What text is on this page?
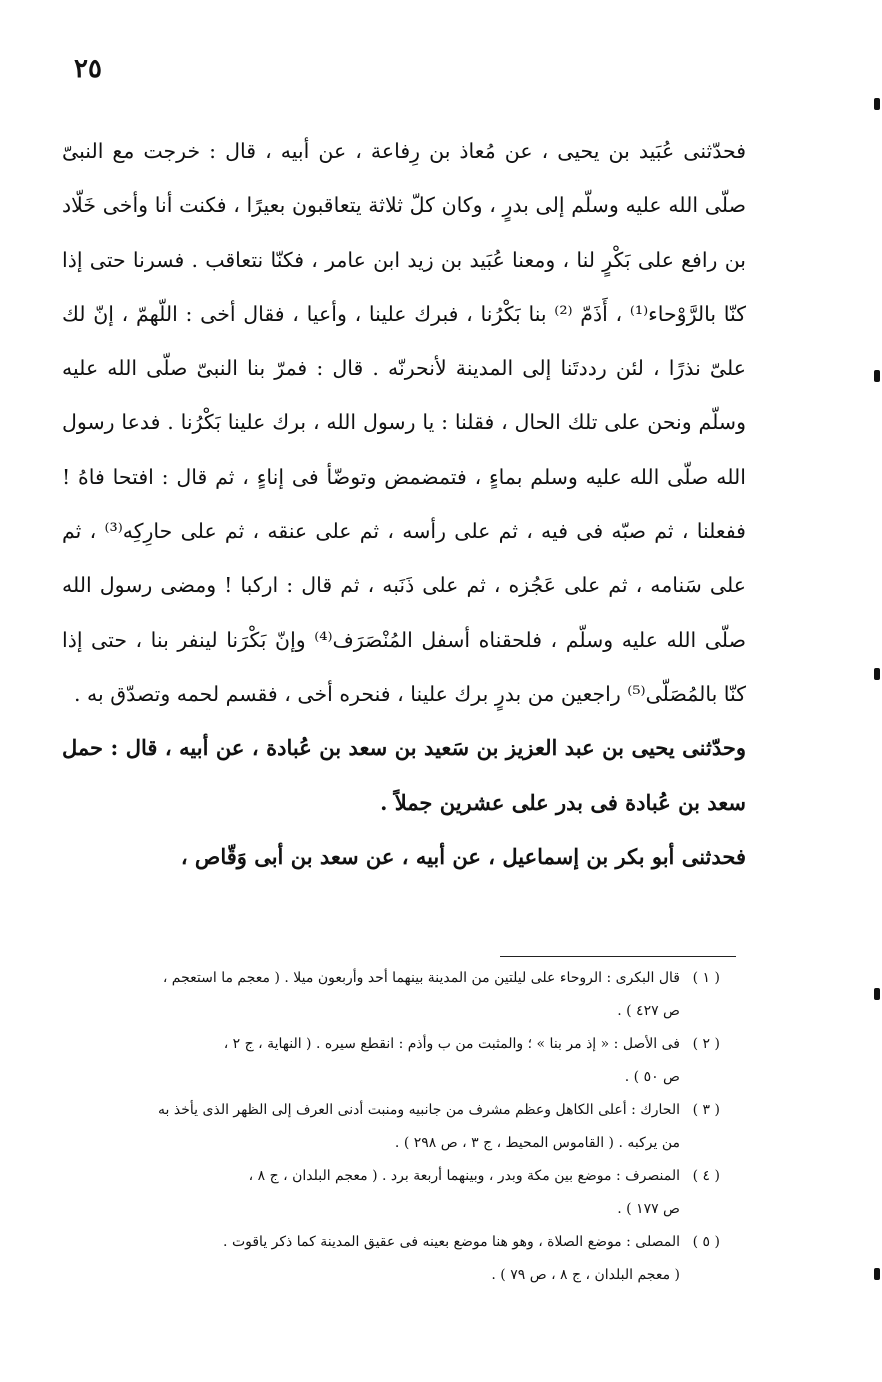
٢٥

فحدّثنى عُبَيد بن يحيى ، عن مُعاذ بن رِفاعة ، عن أبيه ، قال : خرجت مع النبىّ صلّى الله عليه وسلّم إلى بدرٍ ، وكان كلّ ثلاثة يتعاقبون بعيرًا ، فكنت أنا وأخى خَلّاد بن رافع على بَكْرٍ لنا ، ومعنا عُبَيد بن زيد ابن عامر ، فكنّا نتعاقب . فسرنا حتى إذا كنّا بالرَّوْحاء⁽¹⁾ ، أَذَمّ ⁽²⁾ بنا بَكْرُنا ، فبرك علينا ، وأعيا ، فقال أخى : اللّهمّ ، إنّ لك علىّ نذرًا ، لئن رددتَنا إلى المدينة لأنحرنّه . قال : فمرّ بنا النبىّ صلّى الله عليه وسلّم ونحن على تلك الحال ، فقلنا : يا رسول الله ، برك علينا بَكْرُنا . فدعا رسول الله صلّى الله عليه وسلم بماءٍ ، فتمضمض وتوضّأ فى إناءٍ ، ثم قال : افتحا فاهُ ! ففعلنا ، ثم صبّه فى فيه ، ثم على رأسه ، ثم على عنقه ، ثم على حارِكِه⁽³⁾ ، ثم على سَنامه ، ثم على عَجُزه ، ثم على ذَنَبه ، ثم قال : اركبا ! ومضى رسول الله صلّى الله عليه وسلّم ، فلحقناه أسفل المُنْصَرَف⁽⁴⁾ وإنّ بَكْرَنا لينفر بنا ، حتى إذا كنّا بالمُصَلّى⁽⁵⁾ راجعين من بدرٍ برك علينا ، فنحره أخى ، فقسم لحمه وتصدّق به .

وحدّثنى يحيى بن عبد العزيز بن سَعيد بن سعد بن عُبادة ، عن أبيه ، قال : حمل سعد بن عُبادة فى بدر على عشرين جملاً .

فحدثنى أبو بكر بن إسماعيل ، عن أبيه ، عن سعد بن أبى وَقّاص ،

( ١ )قال البكرى : الروحاء على ليلتين من المدينة بينهما أحد وأربعون ميلا . ( معجم ما استعجم ،

ص ٤٢٧ ) .

( ٢ )فى الأصل : « إذ مر بنا » ؛ والمثبت من ب وأذم : انقطع سيره . ( النهاية ، ج ٢ ،

ص ٥٠ ) .

( ٣ )الحارك : أعلى الكاهل وعظم مشرف من جانبيه ومنبت أدنى العرف إلى الظهر الذى يأخذ به

من يركبه . ( القاموس المحيط ، ج ٣ ، ص ٢٩٨ ) .

( ٤ )المنصرف : موضع بين مكة وبدر ، وبينهما أربعة برد . ( معجم البلدان ، ج ٨ ،

ص ١٧٧ ) .

( ٥ )المصلى : موضع الصلاة ، وهو هنا موضع بعينه فى عقيق المدينة كما ذكر ياقوت .

( معجم البلدان ، ج ٨ ، ص ٧٩ ) .
